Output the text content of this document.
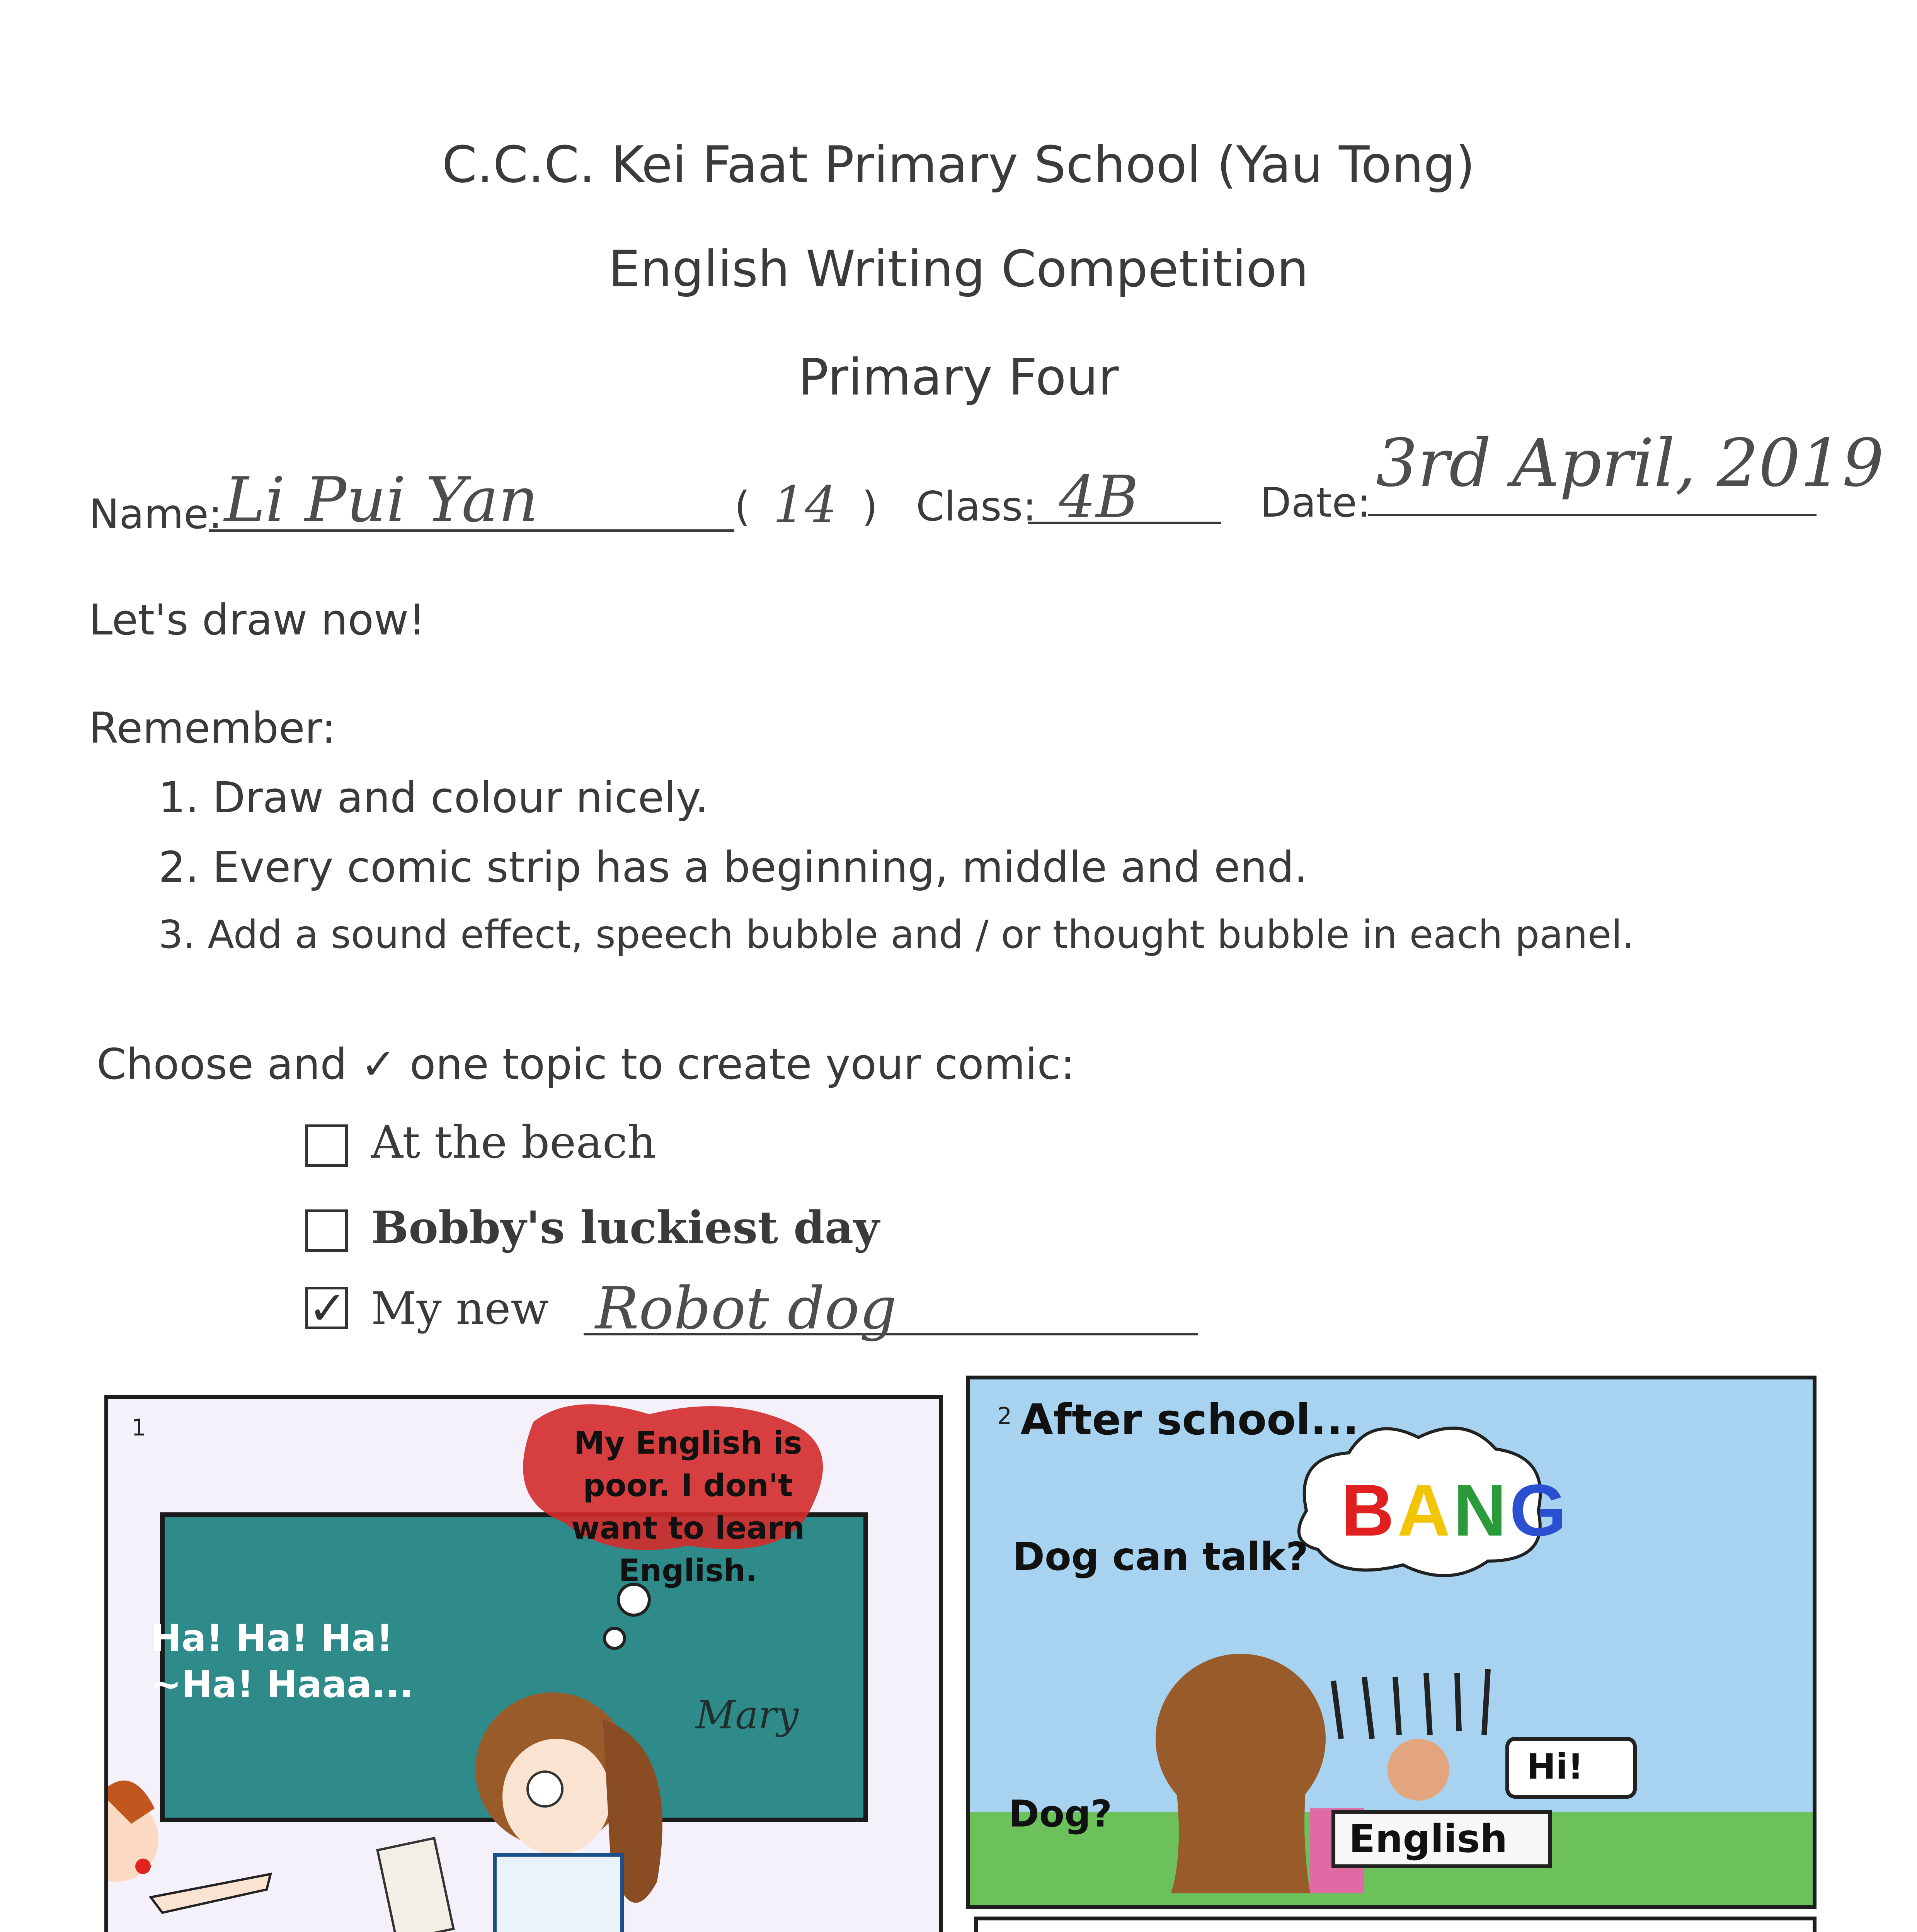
C.C.C. Kei Faat Primary School (Yau Tong)
English Writing Competition
Primary Four
Name: Li Pui Yan	( 14 ) Class: 4B	Date:
3rd April, 2019
Let's draw now!
Remember:
1. Draw and colour nicely.
2. Every comic strip has a beginning, middle and end.
3. Add a sound effect, speech bubble and / or thought bubble in each panel.
Choose and ✓ one topic to create your comic:
At the beach
Bobby's luckiest day
✓ My new Robot dog
1	My English is poor. I don't want to learn English.
Ha! Ha! Ha! ~Ha! Haaa...
Mary
2 After school...
Dog can talk?
BANG
Dog?
Hi!
English
